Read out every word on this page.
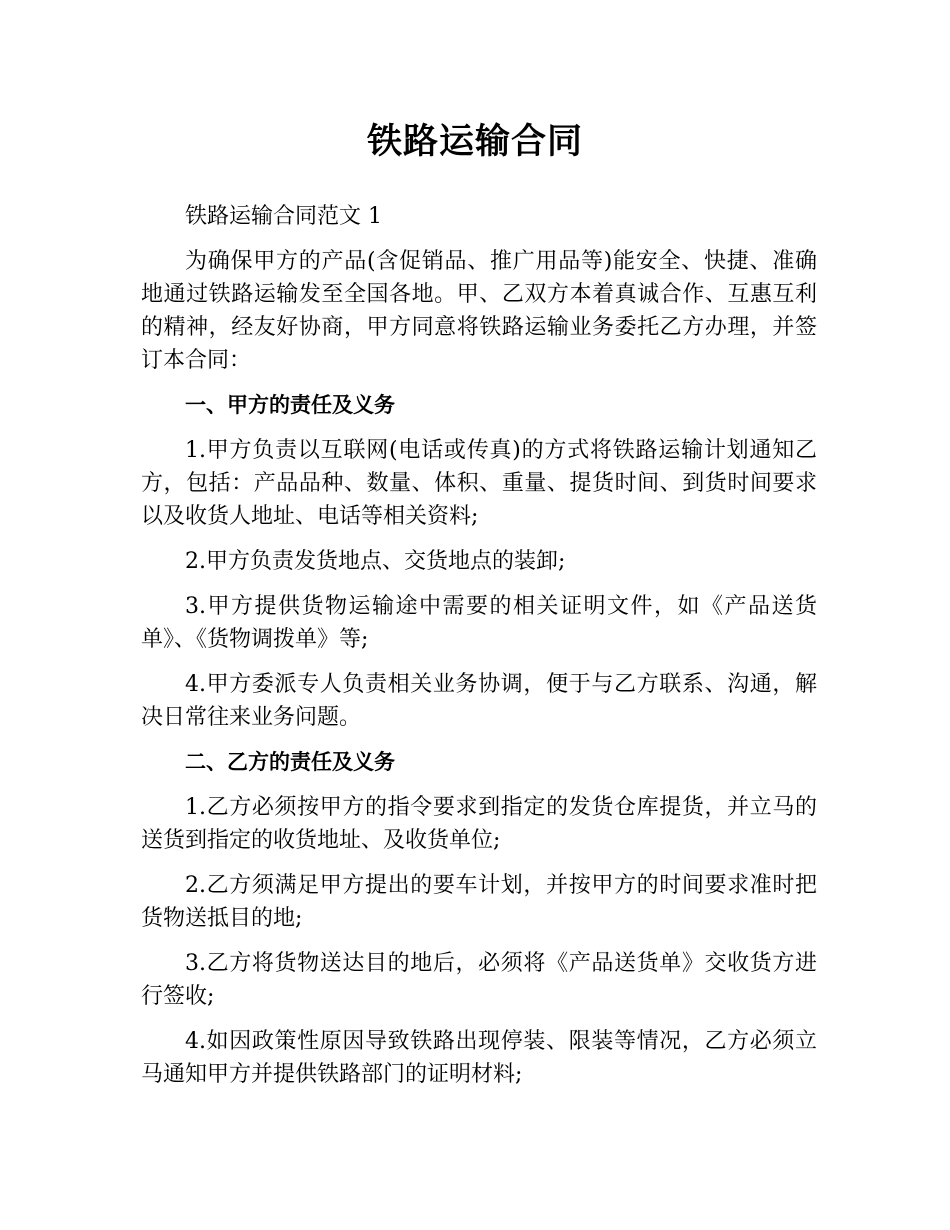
铁路运输合同

铁路运输合同范文 1

为确保甲方的产品(含促销品、推广用品等)能安全、快捷、准确地通过铁路运输发至全国各地。甲、乙双方本着真诚合作、互惠互利的精神，经友好协商，甲方同意将铁路运输业务委托乙方办理，并签订本合同：

一、甲方的责任及义务

1.甲方负责以互联网(电话或传真)的方式将铁路运输计划通知乙方，包括：产品品种、数量、体积、重量、提货时间、到货时间要求以及收货人地址、电话等相关资料;

2.甲方负责发货地点、交货地点的装卸;

3.甲方提供货物运输途中需要的相关证明文件，如《产品送货单》、《货物调拨单》等;

4.甲方委派专人负责相关业务协调，便于与乙方联系、沟通，解决日常往来业务问题。

二、乙方的责任及义务

1.乙方必须按甲方的指令要求到指定的发货仓库提货，并立马的送货到指定的收货地址、及收货单位;

2.乙方须满足甲方提出的要车计划，并按甲方的时间要求准时把货物送抵目的地;

3.乙方将货物送达目的地后，必须将《产品送货单》交收货方进行签收;

4.如因政策性原因导致铁路出现停装、限装等情况，乙方必须立马通知甲方并提供铁路部门的证明材料;
